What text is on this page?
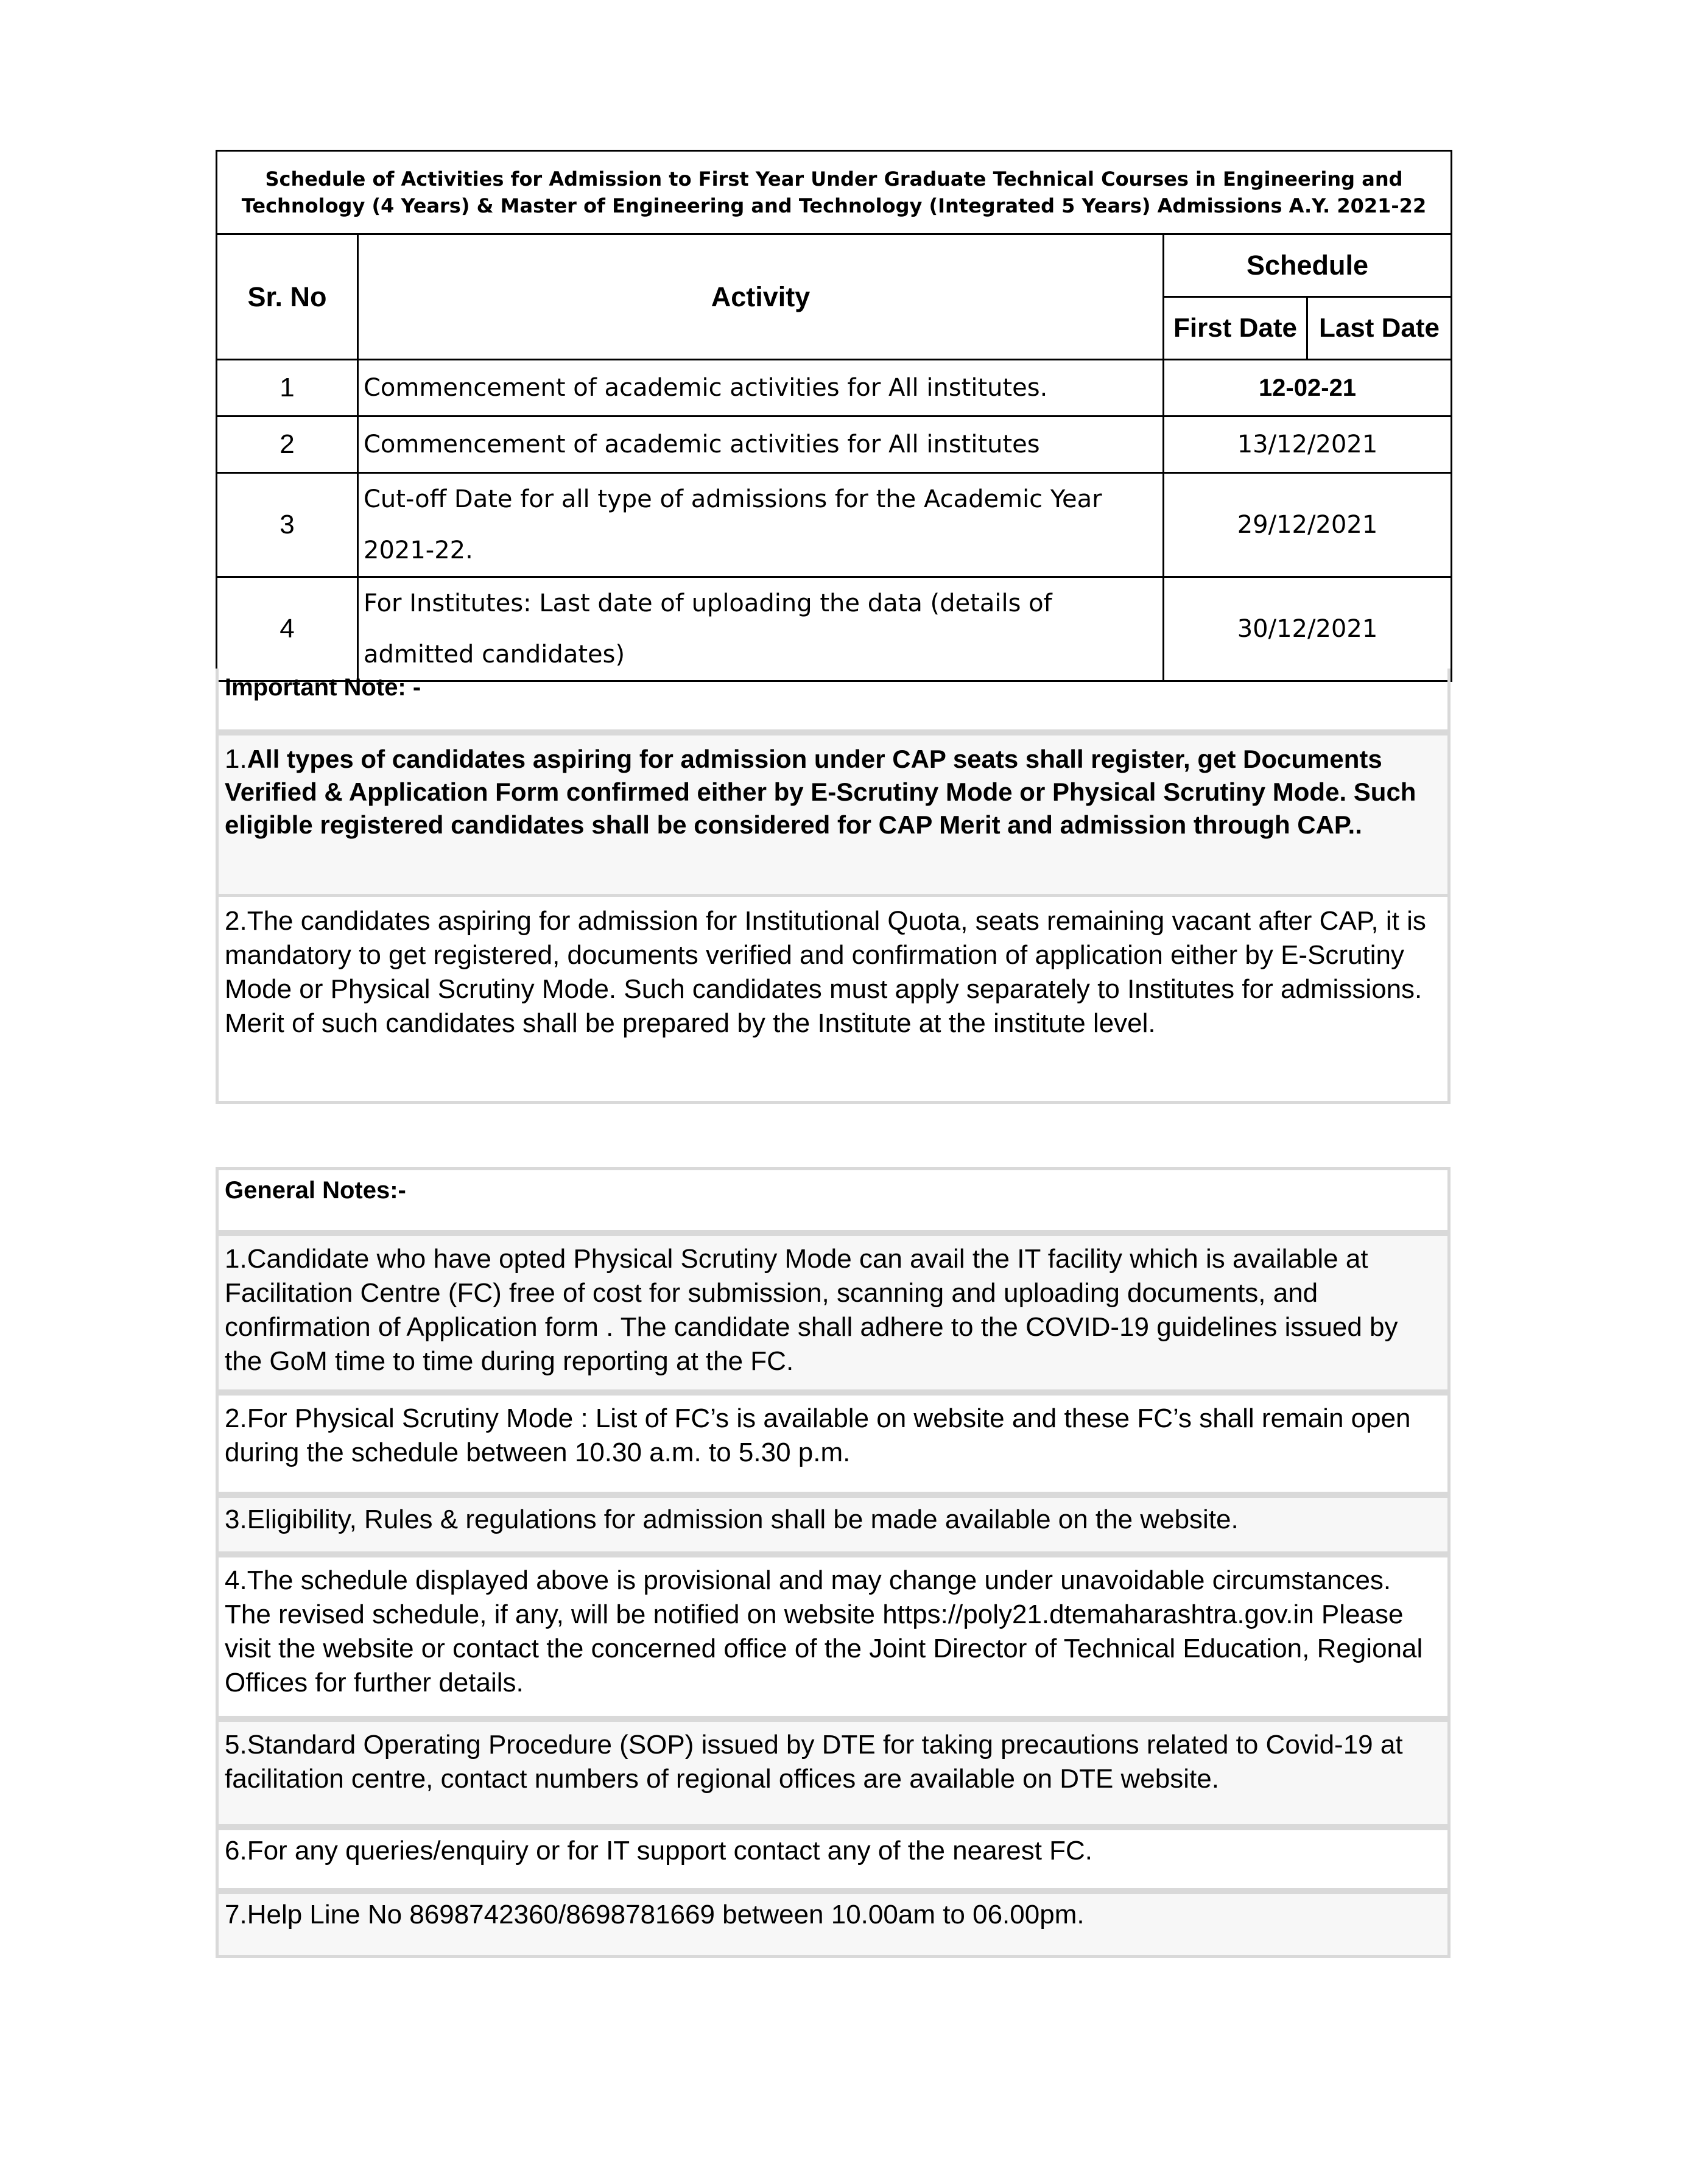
Schedule of Activities for Admission to First Year Under Graduate Technical Courses in Engineering and Technology (4 Years) & Master of Engineering and Technology (Integrated 5 Years) Admissions A.Y. 2021-22			
Sr. No	Activity	Schedule	
		First Date	Last Date
1	Commencement of academic activities for All institutes.	12-02-21	
2	Commencement of academic activities for All institutes	13/12/2021	
3	Cut-off Date for all type of admissions for the Academic Year 2021-22.	29/12/2021	
4	For Institutes: Last date of uploading the data (details of admitted candidates)	30/12/2021	
Important Note: -
1.All types of candidates aspiring for admission under CAP seats shall register, get Documents Verified & Application Form confirmed either by E-Scrutiny Mode or Physical Scrutiny Mode. Such eligible registered candidates shall be considered for CAP Merit and admission through CAP..
2.The candidates aspiring for admission for Institutional Quota, seats remaining vacant after CAP, it is mandatory to get registered, documents verified and confirmation of application either by E-Scrutiny Mode or Physical Scrutiny Mode. Such candidates must apply separately to Institutes for admissions. Merit of such candidates shall be prepared by the Institute at the institute level.
General Notes:-
1.Candidate who have opted Physical Scrutiny Mode can avail the IT facility which is available at Facilitation Centre (FC) free of cost for submission, scanning and uploading documents, and confirmation of Application form . The candidate shall adhere to the COVID-19 guidelines issued by the GoM time to time during reporting at the FC.
2.For Physical Scrutiny Mode : List of FC’s is available on website and these FC’s shall remain open during the schedule between 10.30 a.m. to 5.30 p.m.
3.Eligibility, Rules & regulations for admission shall be made available on the website.
4.The schedule displayed above is provisional and may change under unavoidable circumstances. The revised schedule, if any, will be notified on website https://poly21.dtemaharashtra.gov.in Please visit the website or contact the concerned office of the Joint Director of Technical Education, Regional Offices for further details.
5.Standard Operating Procedure (SOP) issued by DTE for taking precautions related to Covid-19 at facilitation centre, contact numbers of regional offices are available on DTE website.
6.For any queries/enquiry or for IT support contact any of the nearest FC.
7.Help Line No 8698742360/8698781669 between 10.00am to 06.00pm.
